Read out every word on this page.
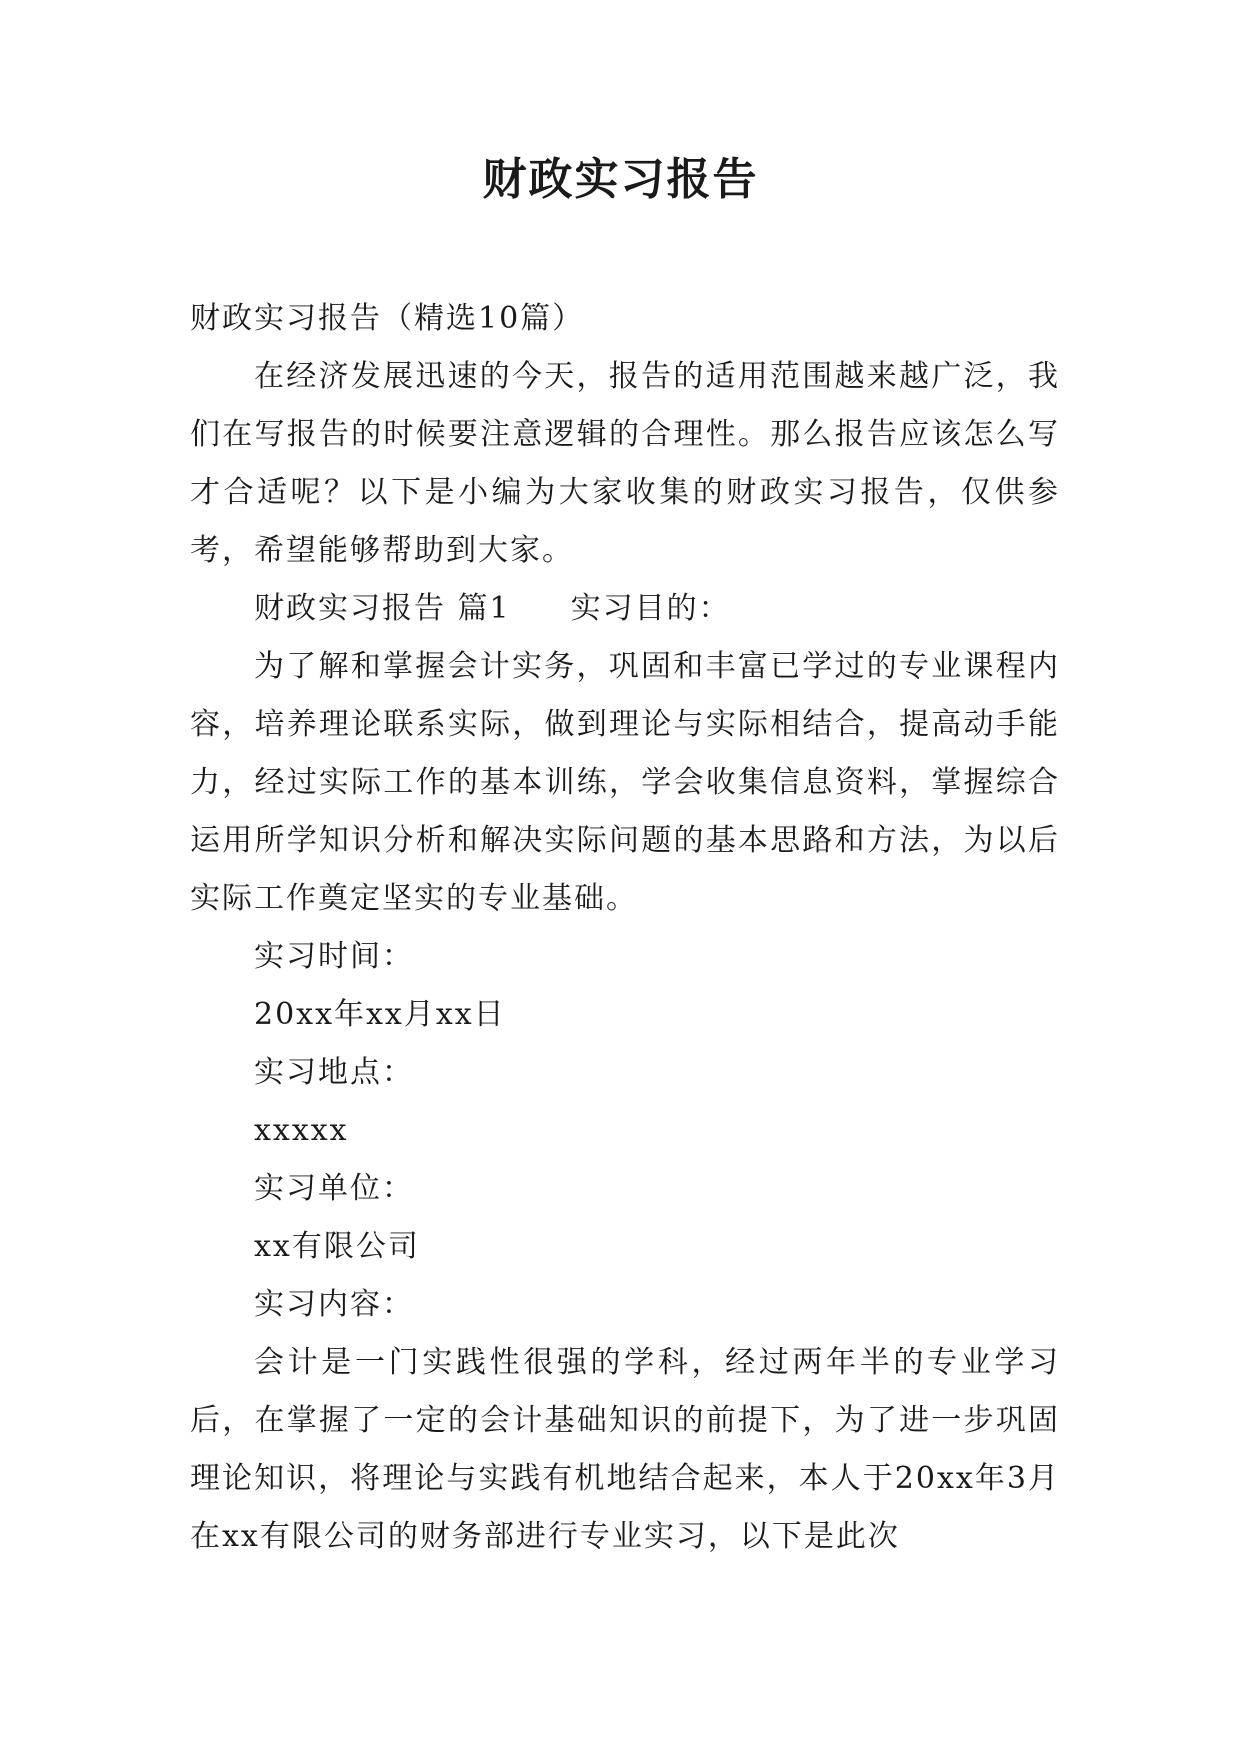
财政实习报告

财政实习报告（精选10篇）

在经济发展迅速的今天，报告的适用范围越来越广泛，我们在写报告的时候要注意逻辑的合理性。那么报告应该怎么写才合适呢？以下是小编为大家收集的财政实习报告，仅供参考，希望能够帮助到大家。

财政实习报告 篇1 实习目的：

为了解和掌握会计实务，巩固和丰富已学过的专业课程内容，培养理论联系实际，做到理论与实际相结合，提高动手能力，经过实际工作的基本训练，学会收集信息资料，掌握综合运用所学知识分析和解决实际问题的基本思路和方法，为以后实际工作奠定坚实的专业基础。

实习时间：

20xx年xx月xx日

实习地点：

xxxxx

实习单位：

xx有限公司

实习内容：

会计是一门实践性很强的学科，经过两年半的专业学习后，在掌握了一定的会计基础知识的前提下，为了进一步巩固理论知识，将理论与实践有机地结合起来，本人于20xx年3月在xx有限公司的财务部进行专业实习，以下是此次
